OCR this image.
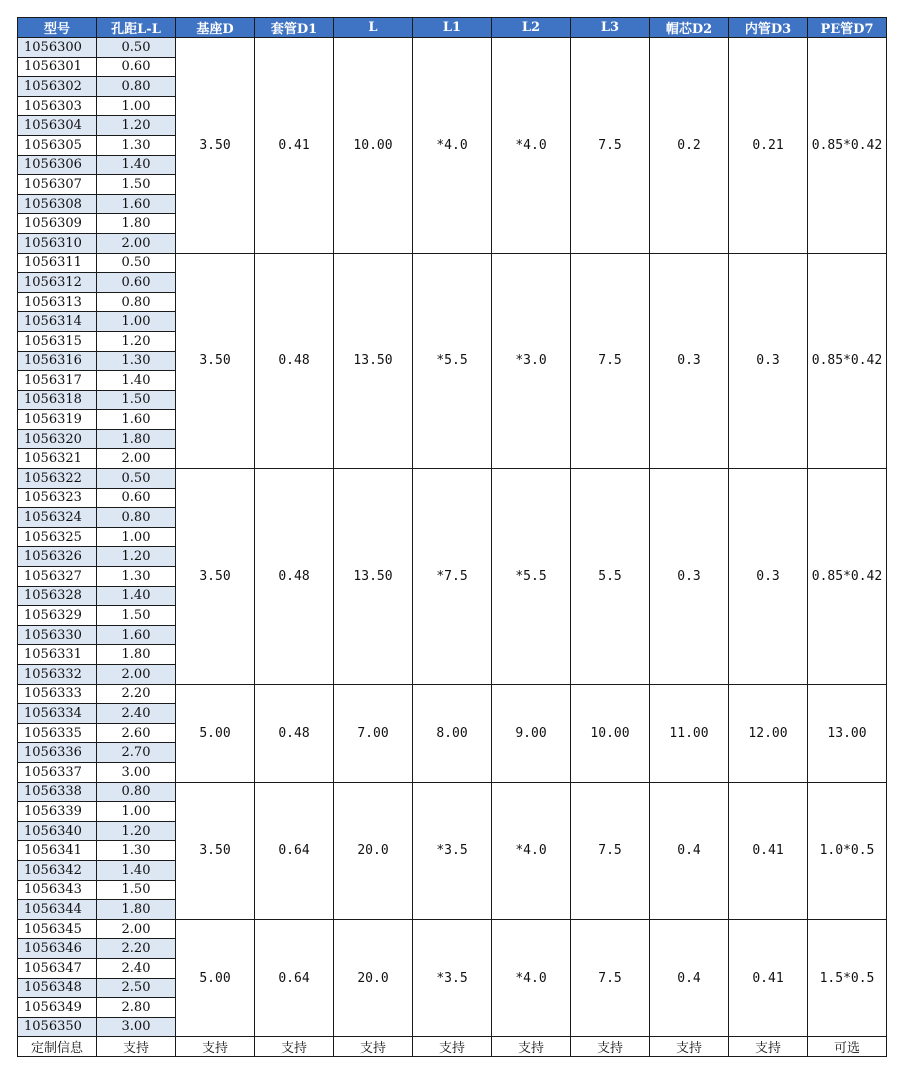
型号	孔距L-L	基座D	套管D1	L	L1	L2	L3	帽芯D2	内管D3	PE管D7
1056300	0.50	3.50	0.41	10.00	*4.0	*4.0	7.5	0.2	0.21	0.85*0.42
1056301	0.60									
1056302	0.80									
1056303	1.00									
1056304	1.20									
1056305	1.30									
1056306	1.40									
1056307	1.50									
1056308	1.60									
1056309	1.80									
1056310	2.00									
1056311	0.50	3.50	0.48	13.50	*5.5	*3.0	7.5	0.3	0.3	0.85*0.42
1056312	0.60									
1056313	0.80									
1056314	1.00									
1056315	1.20									
1056316	1.30									
1056317	1.40									
1056318	1.50									
1056319	1.60									
1056320	1.80									
1056321	2.00									
1056322	0.50	3.50	0.48	13.50	*7.5	*5.5	5.5	0.3	0.3	0.85*0.42
1056323	0.60									
1056324	0.80									
1056325	1.00									
1056326	1.20									
1056327	1.30									
1056328	1.40									
1056329	1.50									
1056330	1.60									
1056331	1.80									
1056332	2.00									
1056333	2.20	5.00	0.48	7.00	8.00	9.00	10.00	11.00	12.00	13.00
1056334	2.40									
1056335	2.60									
1056336	2.70									
1056337	3.00									
1056338	0.80	3.50	0.64	20.0	*3.5	*4.0	7.5	0.4	0.41	1.0*0.5
1056339	1.00									
1056340	1.20									
1056341	1.30									
1056342	1.40									
1056343	1.50									
1056344	1.80									
1056345	2.00	5.00	0.64	20.0	*3.5	*4.0	7.5	0.4	0.41	1.5*0.5
1056346	2.20									
1056347	2.40									
1056348	2.50									
1056349	2.80									
1056350	3.00									
定制信息	支持	支持	支持	支持	支持	支持	支持	支持	支持	可选
